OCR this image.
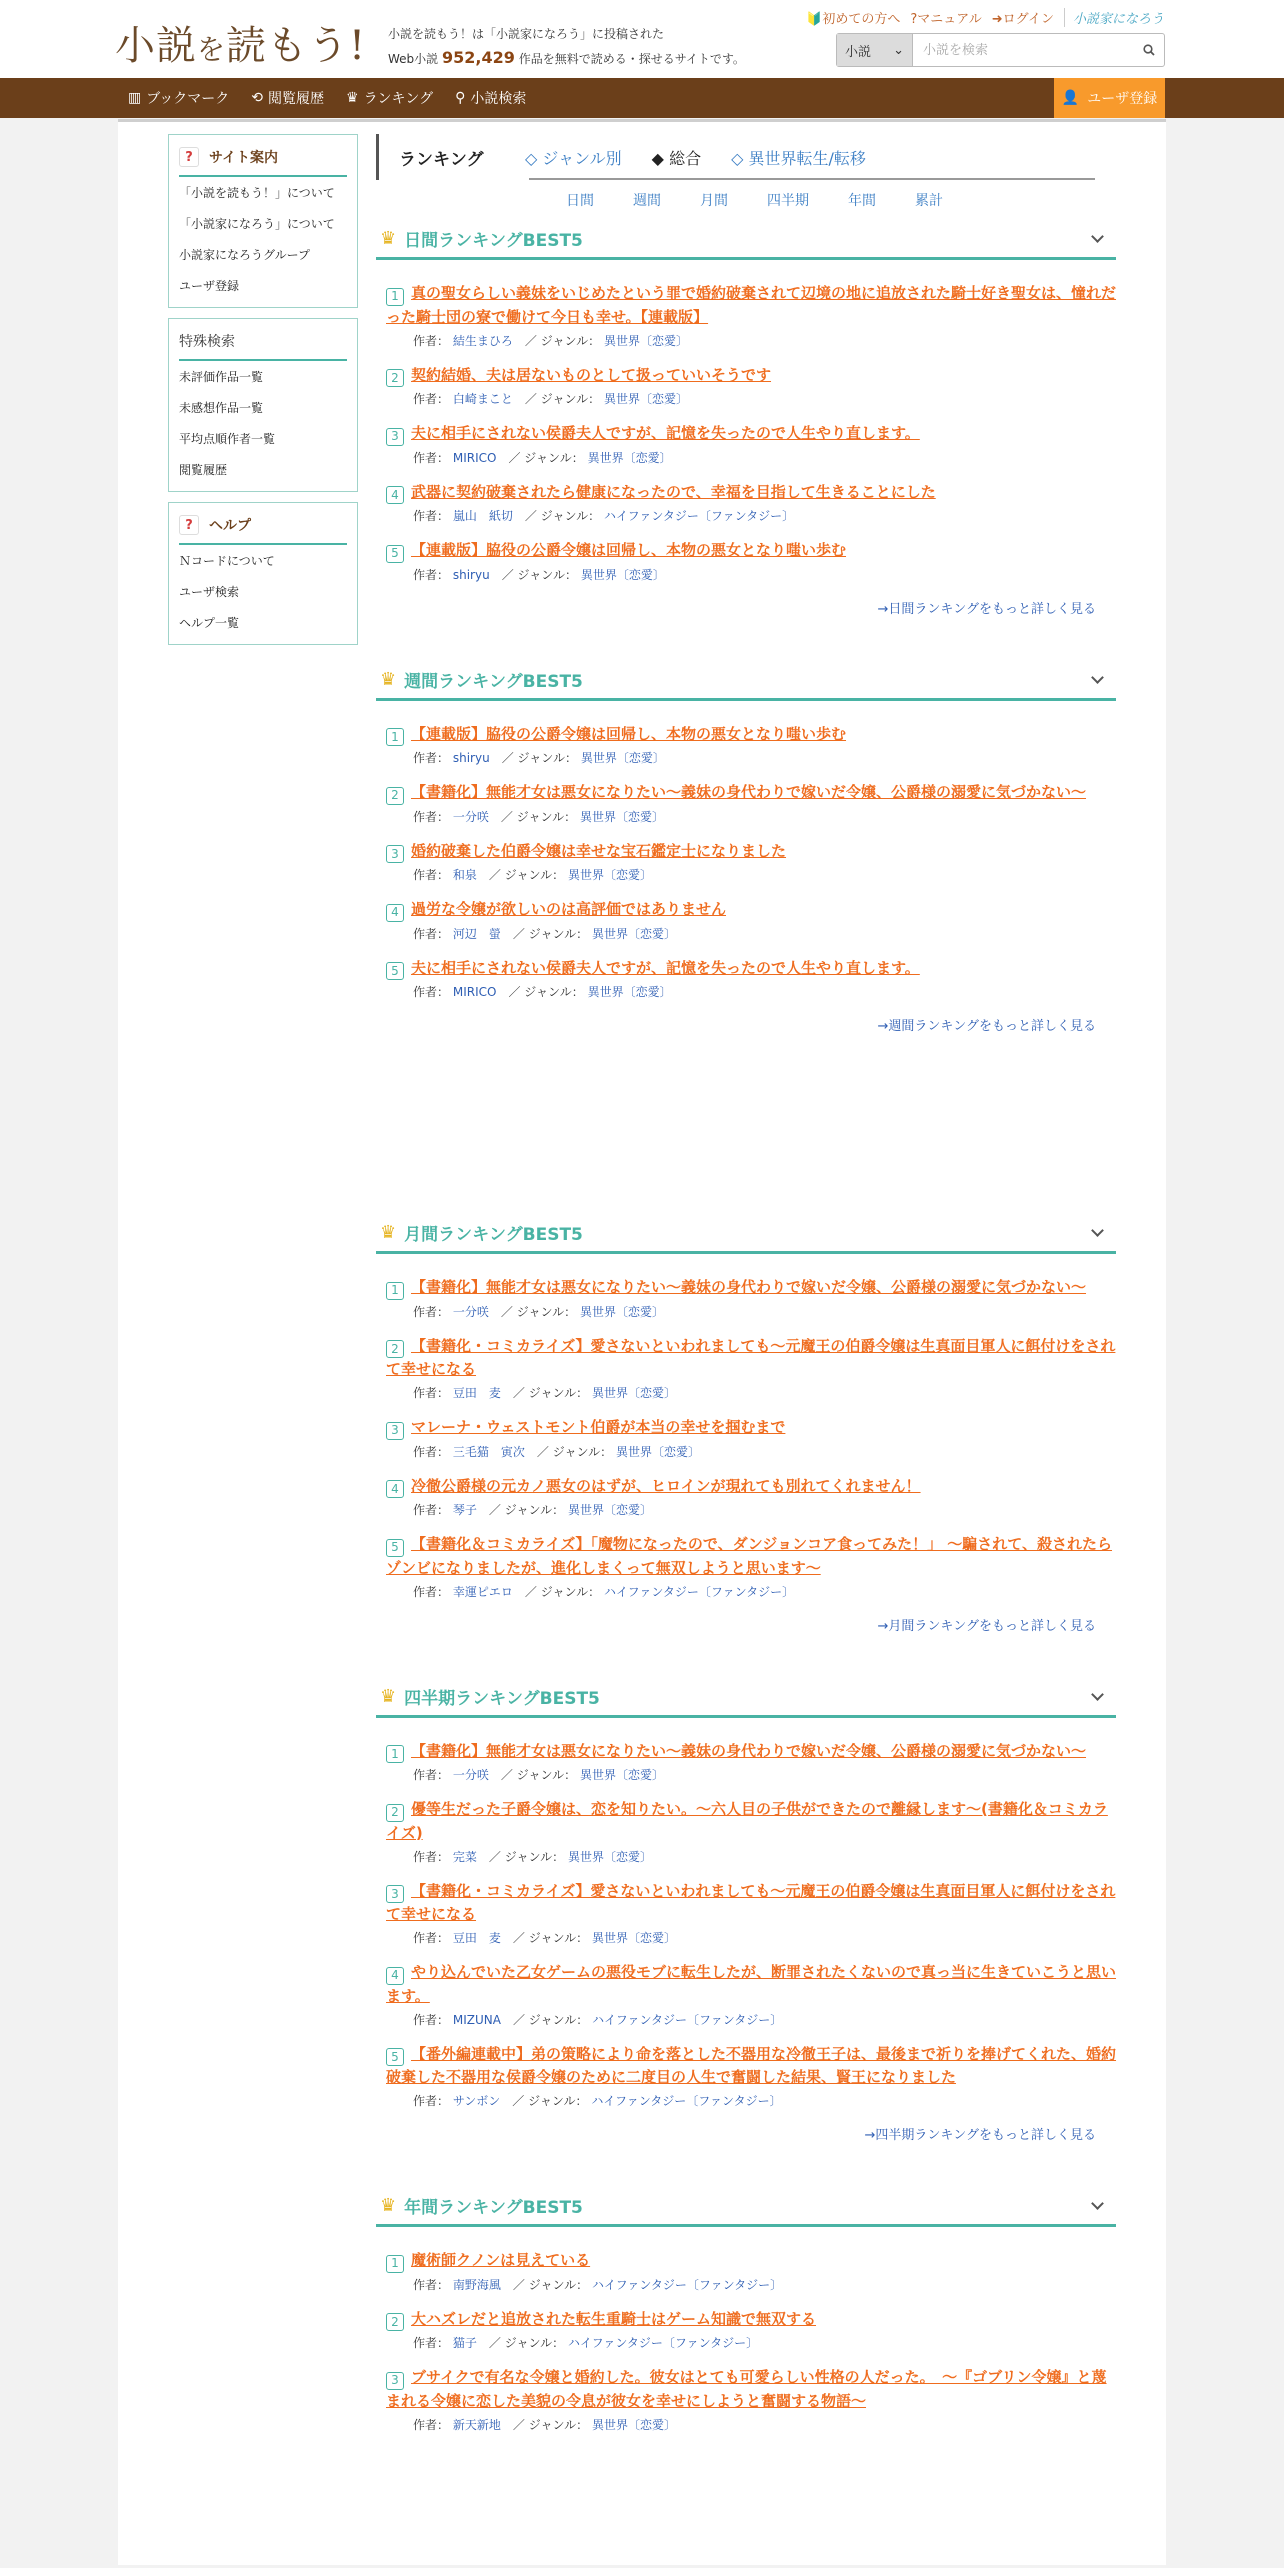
小説を読もう! 小説を読もう！は「小説家になろう」に投稿された
Web小説 952,429 作品を無料で読める・探せるサイトです。
🔰初めての方へ ?マニュアル ➜ログイン	小説家になろう
小説 ⌄
小説を検索
▥ ブックマーク ⟲ 閲覧履歴 ♛ ランキング ⚲ 小説検索	👤 ユーザ登録
?	サイト案内
「小説を読もう！」について
「小説家になろう」について
小説家になろうグループ
ユーザ登録
特殊検索
未評価作品一覧
未感想作品一覧
平均点順作者一覧
閲覧履歴
?	ヘルプ
Ｎコードについて
ユーザ検索
ヘルプ一覧
ランキング	◇ ジャンル別 ◆ 総合 ◇ 異世界転生/転移
日間	週間	月間	四半期	年間	累計
♛ 日間ランキングBEST5
1 真の聖女らしい義妹をいじめたという罪で婚約破棄されて辺境の地に追放された騎士好き聖女は、憧れだった騎士団の寮で働けて今日も幸せ。【連載版】
作者： 結生まひろ　 ／ ジャンル： 異世界〔恋愛〕
2 契約結婚、夫は居ないものとして扱っていいそうです
作者： 白崎まこと　 ／ ジャンル： 異世界〔恋愛〕
3 夫に相手にされない侯爵夫人ですが、記憶を失ったので人生やり直します。
作者： MIRICO　 ／ ジャンル： 異世界〔恋愛〕
4 武器に契約破棄されたら健康になったので、幸福を目指して生きることにした
作者： 嵐山　紙切　 ／ ジャンル： ハイファンタジー〔ファンタジー〕
5 【連載版】脇役の公爵令嬢は回帰し、本物の悪女となり嗤い歩む
作者： shiryu　 ／ ジャンル： 異世界〔恋愛〕
→日間ランキングをもっと詳しく見る
♛ 週間ランキングBEST5
1 【連載版】脇役の公爵令嬢は回帰し、本物の悪女となり嗤い歩む
作者： shiryu　 ／ ジャンル： 異世界〔恋愛〕
2 【書籍化】無能才女は悪女になりたい～義妹の身代わりで嫁いだ令嬢、公爵様の溺愛に気づかない～
作者： 一分咲　 ／ ジャンル： 異世界〔恋愛〕
3 婚約破棄した伯爵令嬢は幸せな宝石鑑定士になりました
作者： 和泉　 ／ ジャンル： 異世界〔恋愛〕
4 過労な令嬢が欲しいのは高評価ではありません
作者： 河辺　螢　 ／ ジャンル： 異世界〔恋愛〕
5 夫に相手にされない侯爵夫人ですが、記憶を失ったので人生やり直します。
作者： MIRICO　 ／ ジャンル： 異世界〔恋愛〕
→週間ランキングをもっと詳しく見る
♛ 月間ランキングBEST5
1 【書籍化】無能才女は悪女になりたい～義妹の身代わりで嫁いだ令嬢、公爵様の溺愛に気づかない～
作者： 一分咲　 ／ ジャンル： 異世界〔恋愛〕
2 【書籍化・コミカライズ】愛さないといわれましても～元魔王の伯爵令嬢は生真面目軍人に餌付けをされて幸せになる
作者： 豆田　麦　 ／ ジャンル： 異世界〔恋愛〕
3 マレーナ・ウェストモント伯爵が本当の幸せを掴むまで
作者： 三毛猫　寅次　 ／ ジャンル： 異世界〔恋愛〕
4 冷徹公爵様の元カノ悪女のはずが、ヒロインが現れても別れてくれません！
作者： 琴子　 ／ ジャンル： 異世界〔恋愛〕
5 【書籍化＆コミカライズ】「魔物になったので、ダンジョンコア食ってみた！」 ～騙されて、殺されたらゾンビになりましたが、進化しまくって無双しようと思います～
作者： 幸運ピエロ　 ／ ジャンル： ハイファンタジー〔ファンタジー〕
→月間ランキングをもっと詳しく見る
♛ 四半期ランキングBEST5
1 【書籍化】無能才女は悪女になりたい～義妹の身代わりで嫁いだ令嬢、公爵様の溺愛に気づかない～
作者： 一分咲　 ／ ジャンル： 異世界〔恋愛〕
2 優等生だった子爵令嬢は、恋を知りたい。～六人目の子供ができたので離縁します～(書籍化＆コミカライズ)
作者： 完菜　 ／ ジャンル： 異世界〔恋愛〕
3 【書籍化・コミカライズ】愛さないといわれましても～元魔王の伯爵令嬢は生真面目軍人に餌付けをされて幸せになる
作者： 豆田　麦　 ／ ジャンル： 異世界〔恋愛〕
4 やり込んでいた乙女ゲームの悪役モブに転生したが、断罪されたくないので真っ当に生きていこうと思います。
作者： MIZUNA　 ／ ジャンル： ハイファンタジー〔ファンタジー〕
5 【番外編連載中】弟の策略により命を落とした不器用な冷徹王子は、最後まで祈りを捧げてくれた、婚約破棄した不器用な侯爵令嬢のために二度目の人生で奮闘した結果、賢王になりました
作者： サンボン　 ／ ジャンル： ハイファンタジー〔ファンタジー〕
→四半期ランキングをもっと詳しく見る
♛ 年間ランキングBEST5
1 魔術師クノンは見えている
作者： 南野海風　 ／ ジャンル： ハイファンタジー〔ファンタジー〕
2 大ハズレだと追放された転生重騎士はゲーム知識で無双する
作者： 猫子　 ／ ジャンル： ハイファンタジー〔ファンタジー〕
3 ブサイクで有名な令嬢と婚約した。彼女はとても可愛らしい性格の人だった。　～『ゴブリン令嬢』と蔑まれる令嬢に恋した美貌の令息が彼女を幸せにしようと奮闘する物語～
作者： 新天新地　 ／ ジャンル： 異世界〔恋愛〕
